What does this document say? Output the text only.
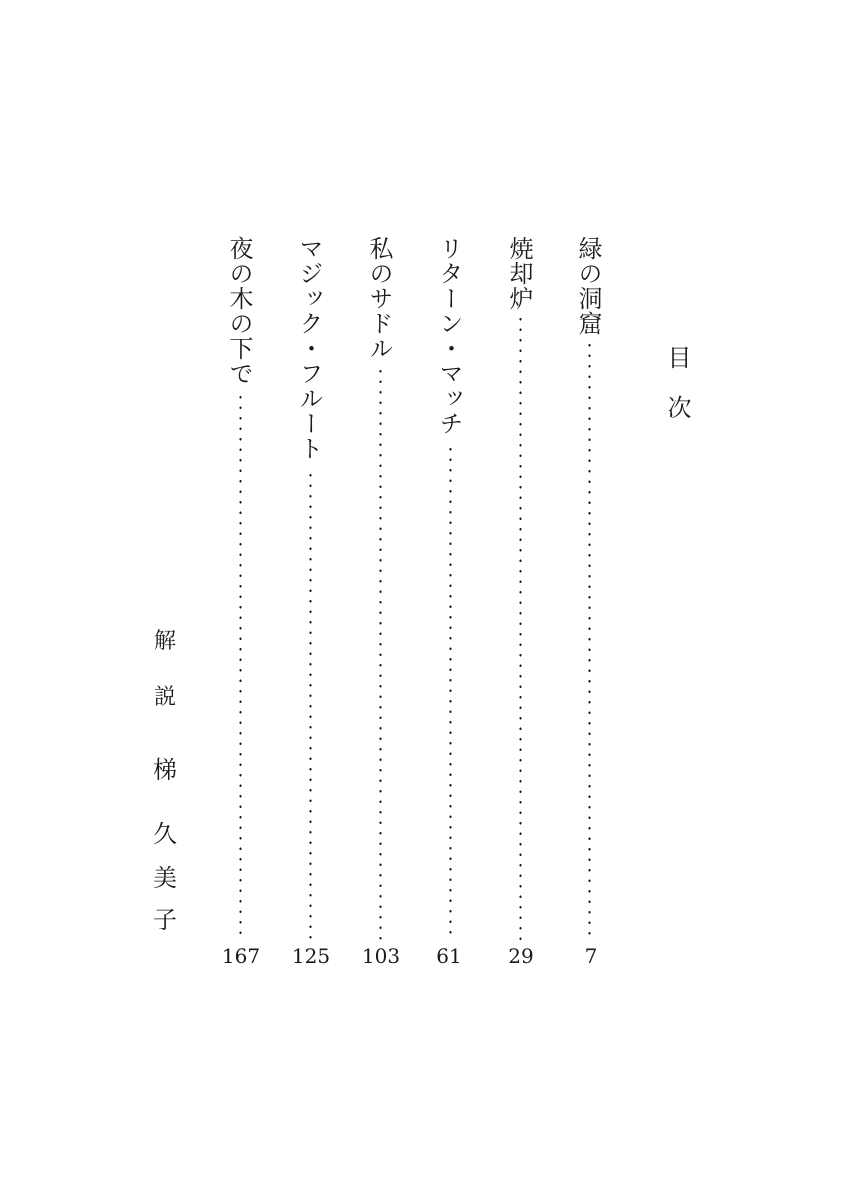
目次
緑の洞窟
7
焼却炉
29
リターン・マッチ
61
私のサドル
103
マジック・フルート
125
夜の木の下で
167
解
説
梯
久
美
子
